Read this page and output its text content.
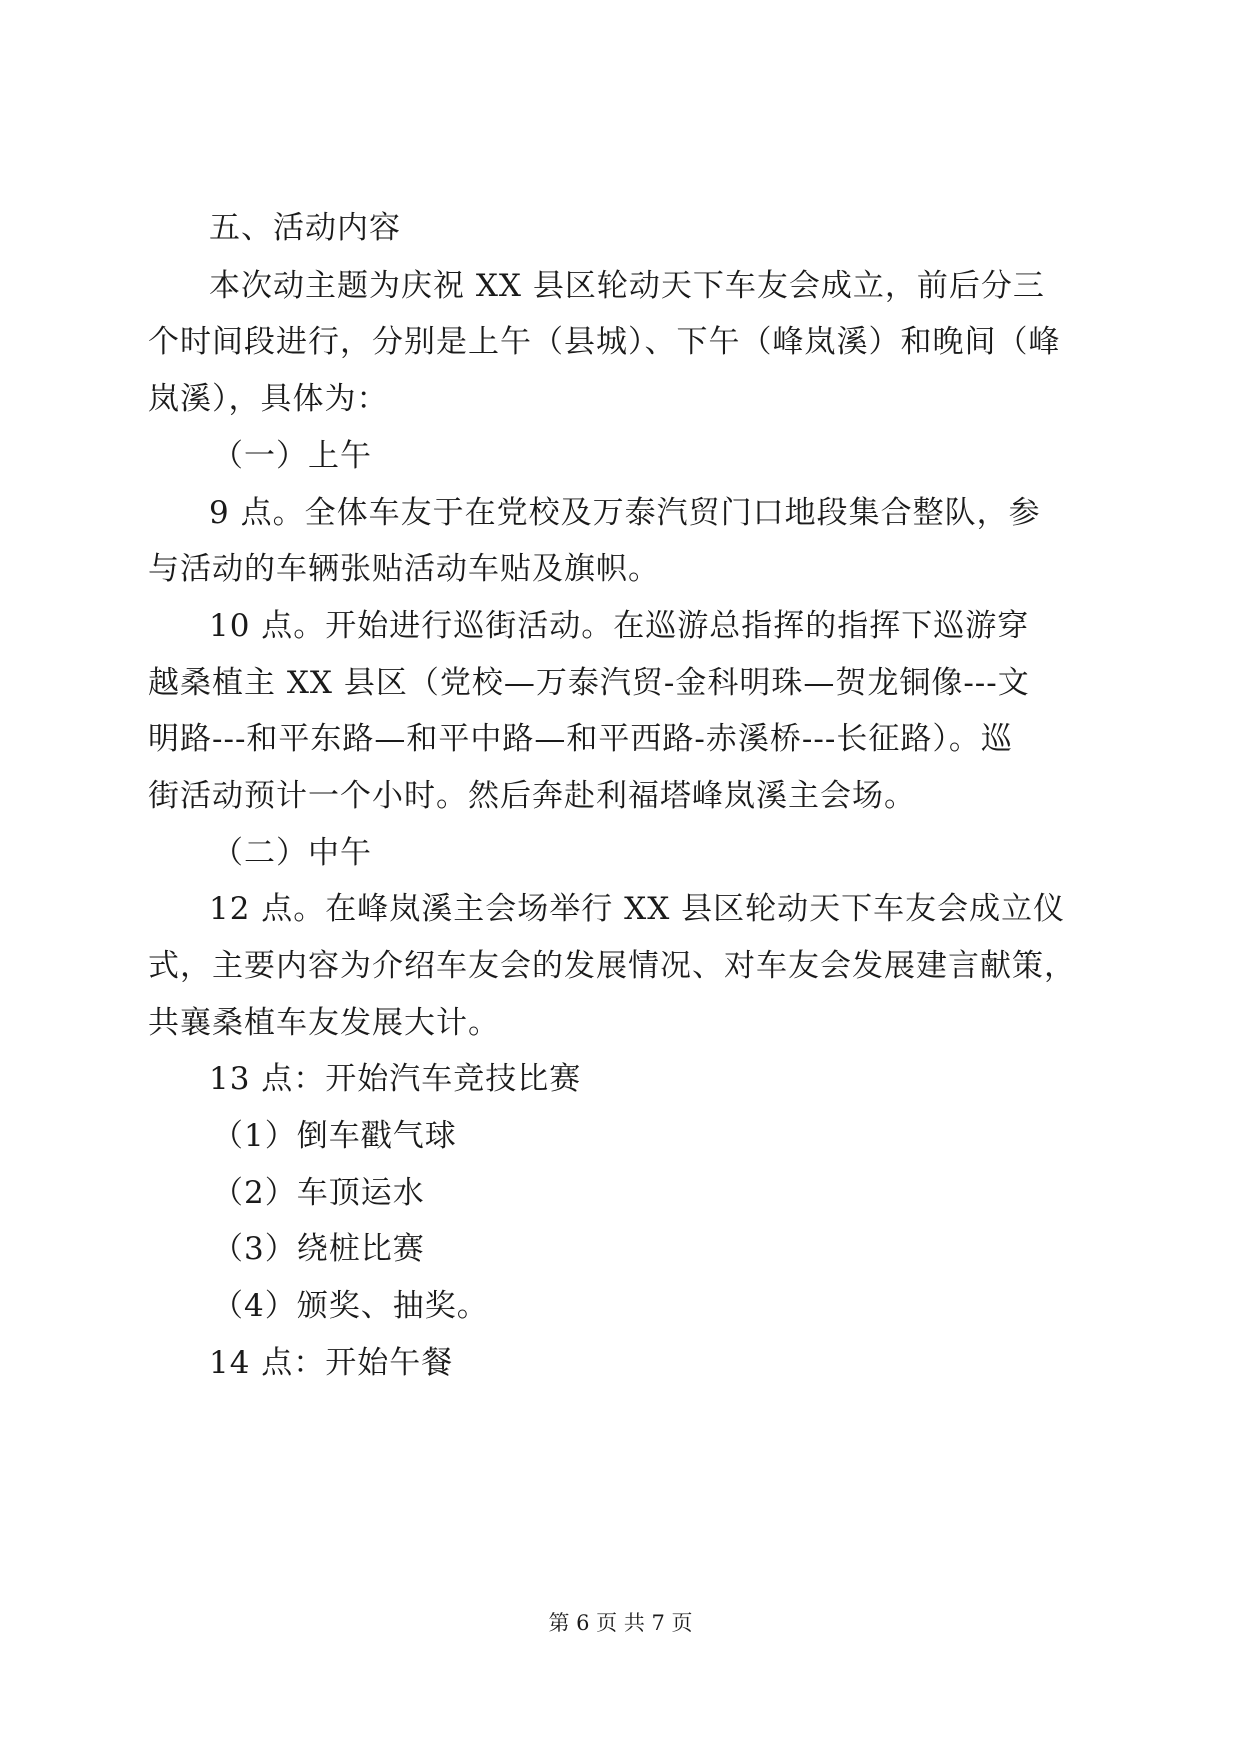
五、活动内容
本次动主题为庆祝 XX 县区轮动天下车友会成立，前后分三
个时间段进行，分别是上午（县城）、下午（峰岚溪）和晚间（峰
岚溪），具体为：
（一）上午
9 点。全体车友于在党校及万泰汽贸门口地段集合整队，参
与活动的车辆张贴活动车贴及旗帜。
10 点。开始进行巡街活动。在巡游总指挥的指挥下巡游穿
越桑植主 XX 县区（党校—万泰汽贸-金科明珠—贺龙铜像---文
明路---和平东路—和平中路—和平西路-赤溪桥---长征路）。巡
街活动预计一个小时。然后奔赴利福塔峰岚溪主会场。
（二）中午
12 点。在峰岚溪主会场举行 XX 县区轮动天下车友会成立仪
式，主要内容为介绍车友会的发展情况、对车友会发展建言献策，
共襄桑植车友发展大计。
13 点：开始汽车竞技比赛
（1）倒车戳气球
（2）车顶运水
（3）绕桩比赛
（4）颁奖、抽奖。
14 点：开始午餐
第 6 页 共 7 页
